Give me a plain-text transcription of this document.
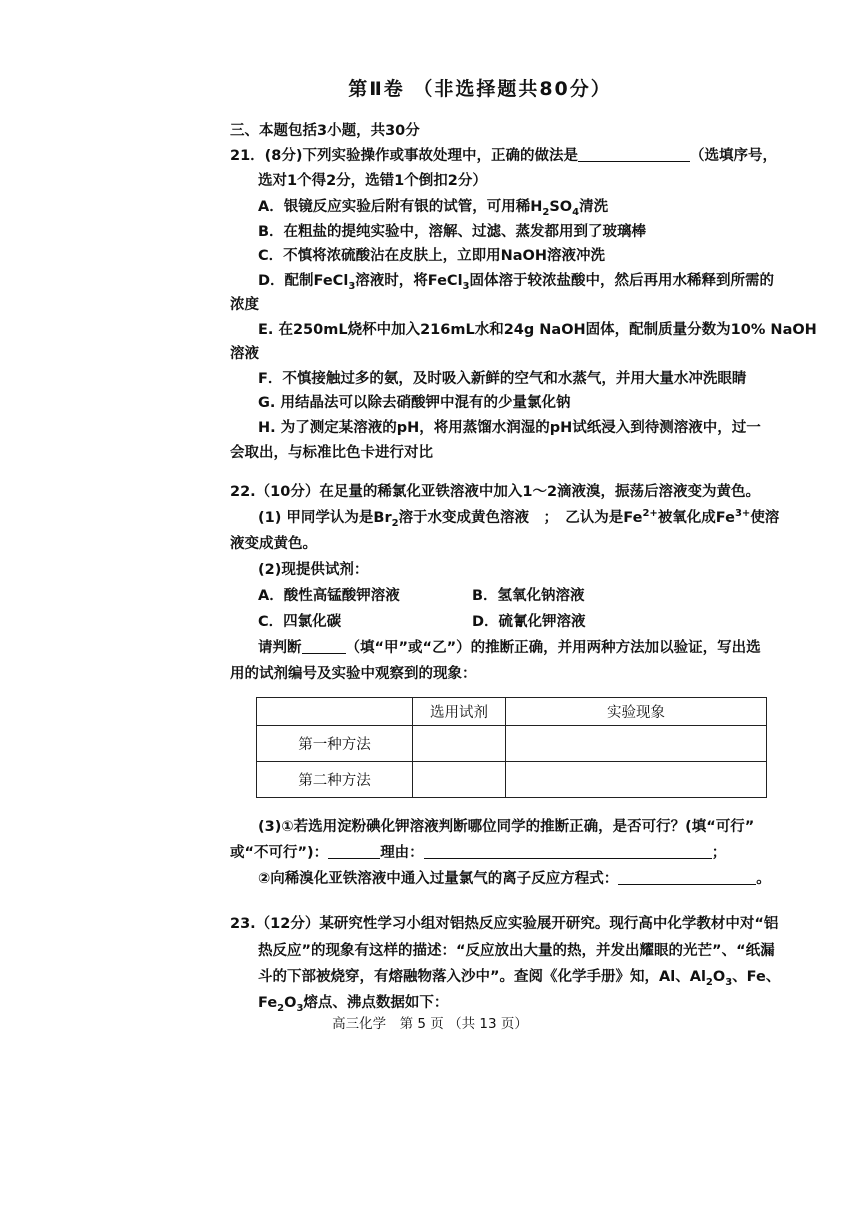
第Ⅱ卷 （非选择题共80分）
三、本题包括3小题，共30分
21．(8分)下列实验操作或事故处理中，正确的做法是	（选填序号，
选对1个得2分，选错1个倒扣2分）
A．银镜反应实验后附有银的试管，可用稀$H_2SO_4$清洗
B．在粗盐的提纯实验中，溶解、过滤、蒸发都用到了玻璃棒
C．不慎将浓硫酸沾在皮肤上，立即用NaOH溶液冲洗
D．配制FeCl$_3$溶液时，将FeCl$_3$固体溶于较浓盐酸中，然后再用水稀释到所需的
浓度
E. 在250mL烧杯中加入216mL水和24g NaOH固体，配制质量分数为10% NaOH
溶液
F．不慎接触过多的氨，及时吸入新鲜的空气和水蒸气，并用大量水冲洗眼睛
G. 用结晶法可以除去硝酸钾中混有的少量氯化钠
H. 为了测定某溶液的pH，将用蒸馏水润湿的pH试纸浸入到待测溶液中，过一
会取出，与标准比色卡进行对比
22.（10分）在足量的稀氯化亚铁溶液中加入1～2滴液溴，振荡后溶液变为黄色。
(1) 甲同学认为是$Br_2$溶于水变成黄色溶液　；　乙认为是$Fe^{2+}$被氧化成$Fe^{3+}$使溶
液变成黄色。
(2)现提供试剂：
A．酸性高锰酸钾溶液	B．氢氧化钠溶液
C．四氯化碳	D．硫氰化钾溶液
请判断	（填“甲”或“乙”）的推断正确，并用两种方法加以验证，写出选
用的试剂编号及实验中观察到的现象：
	选用试剂	实验现象
第一种方法		
第二种方法		
(3)①若选用淀粉碘化钾溶液判断哪位同学的推断正确，是否可行？(填“可行”
或“不可行”)：	理由：	；
②向稀溴化亚铁溶液中通入过量氯气的离子反应方程式：	。
23.（12分）某研究性学习小组对铝热反应实验展开研究。现行高中化学教材中对“铝
热反应”的现象有这样的描述：“反应放出大量的热，并发出耀眼的光芒”、“纸漏
斗的下部被烧穿，有熔融物落入沙中”。查阅《化学手册》知，Al、$Al_2O_3$、Fe、
$Fe_2O_3$熔点、沸点数据如下：
高三化学　第 5 页 （共 13 页）
